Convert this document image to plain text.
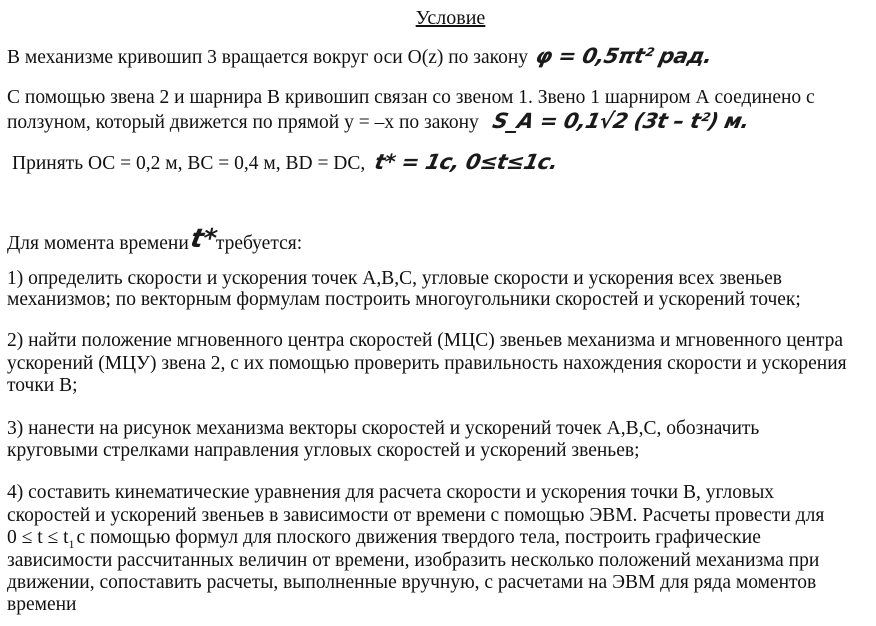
Условие
В механизме кривошип 3 вращается вокруг оси О(z) по закону φ = 0,5πt² рад.
С помощью звена 2 и шарнира В кривошип связан со звеном 1. Звено 1 шарниром А соединено с
ползуном, который движется по прямой у = –х по закону S_A = 0,1√2 (3t – t²) м.
Принять ОС = 0,2 м, ВС = 0,4 м, BD = DC, t* = 1с, 0≤t≤1с.
Для момента времениt*требуется:
1) определить скорости и ускорения точек А,В,С, угловые скорости и ускорения всех звеньев
механизмов; по векторным формулам построить многоугольники скоростей и ускорений точек;
2) найти положение мгновенного центра скоростей (МЦС) звеньев механизма и мгновенного центра
ускорений (МЦУ) звена 2, с их помощью проверить правильность нахождения скорости и ускорения
точки В;
3) нанести на рисунок механизма векторы скоростей и ускорений точек А,В,С, обозначить
круговыми стрелками направления угловых скоростей и ускорений звеньев;
4) составить кинематические уравнения для расчета скорости и ускорения точки В, угловых
скоростей и ускорений звеньев в зависимости от времени с помощью ЭВМ. Расчеты провести для
$0 \le t \le t_1$ с помощью формул для плоского движения твердого тела, построить графические
зависимости рассчитанных величин от времени, изобразить несколько положений механизма при
движении, сопоставить расчеты, выполненные вручную, с расчетами на ЭВМ для ряда моментов
времени
